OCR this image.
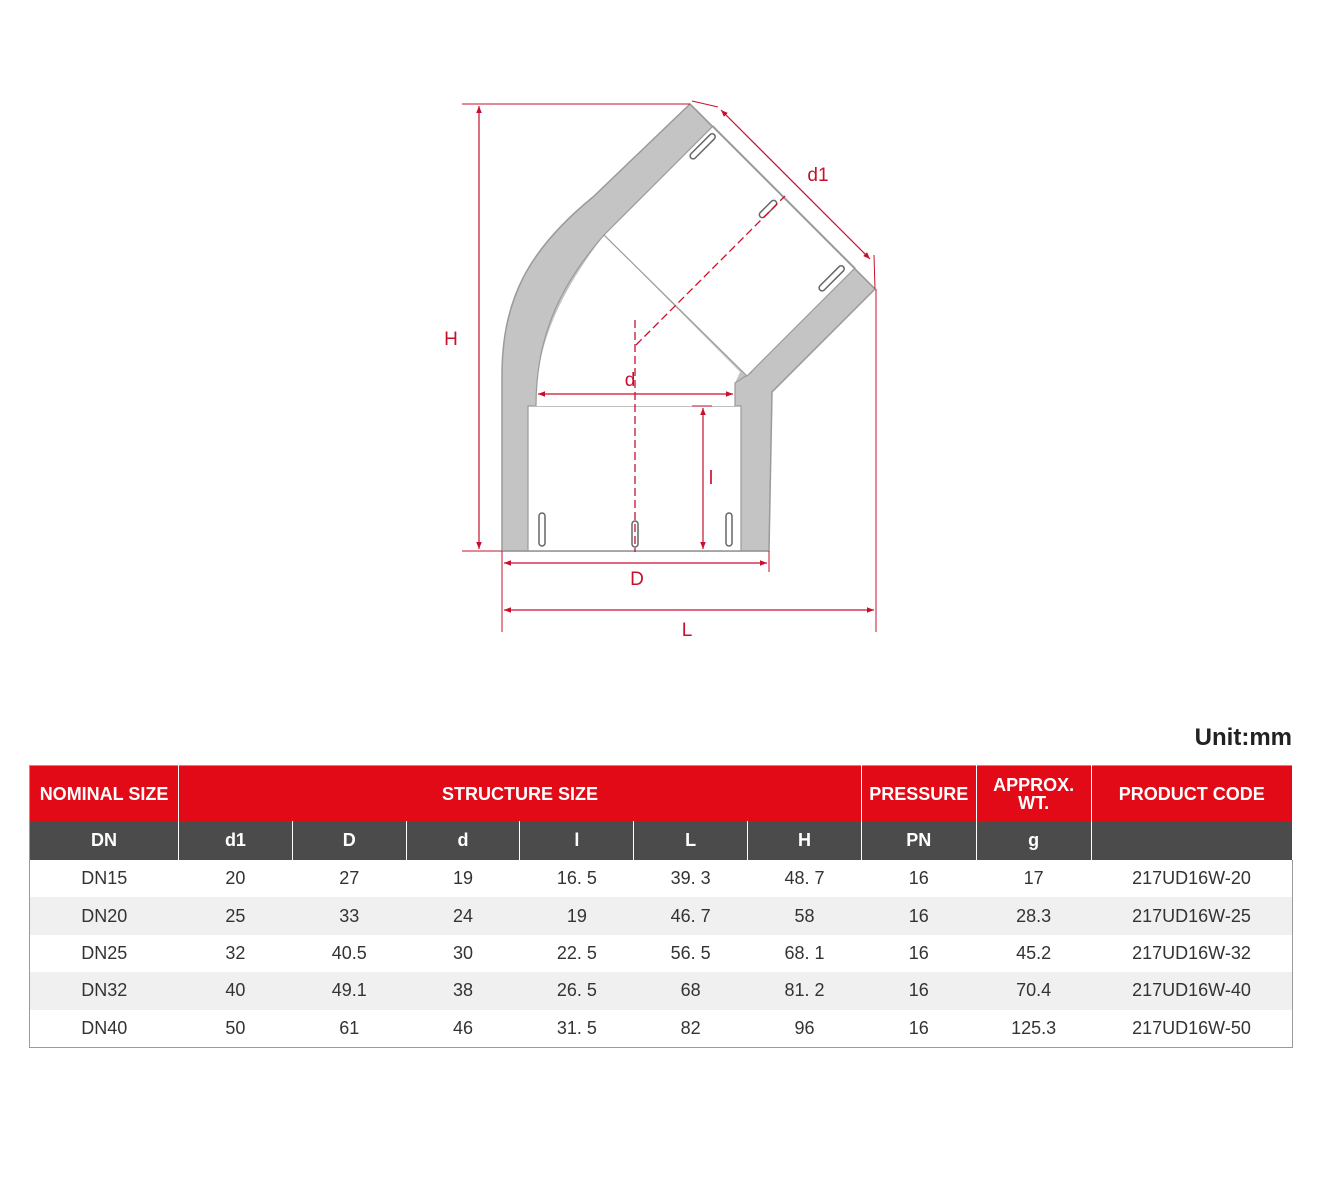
H
d1
d
l
D
L
Unit:mm
NOMINAL SIZE	STRUCTURE SIZE						PRESSURE	APPROX. WT.	PRODUCT CODE
DN	d1	D	d	l	L	H	PN	g	
DN15	20	27	19	16. 5	39. 3	48. 7	16	17	217UD16W-20
DN20	25	33	24	19	46. 7	58	16	28.3	217UD16W-25
DN25	32	40.5	30	22. 5	56. 5	68. 1	16	45.2	217UD16W-32
DN32	40	49.1	38	26. 5	68	81. 2	16	70.4	217UD16W-40
DN40	50	61	46	31. 5	82	96	16	125.3	217UD16W-50
